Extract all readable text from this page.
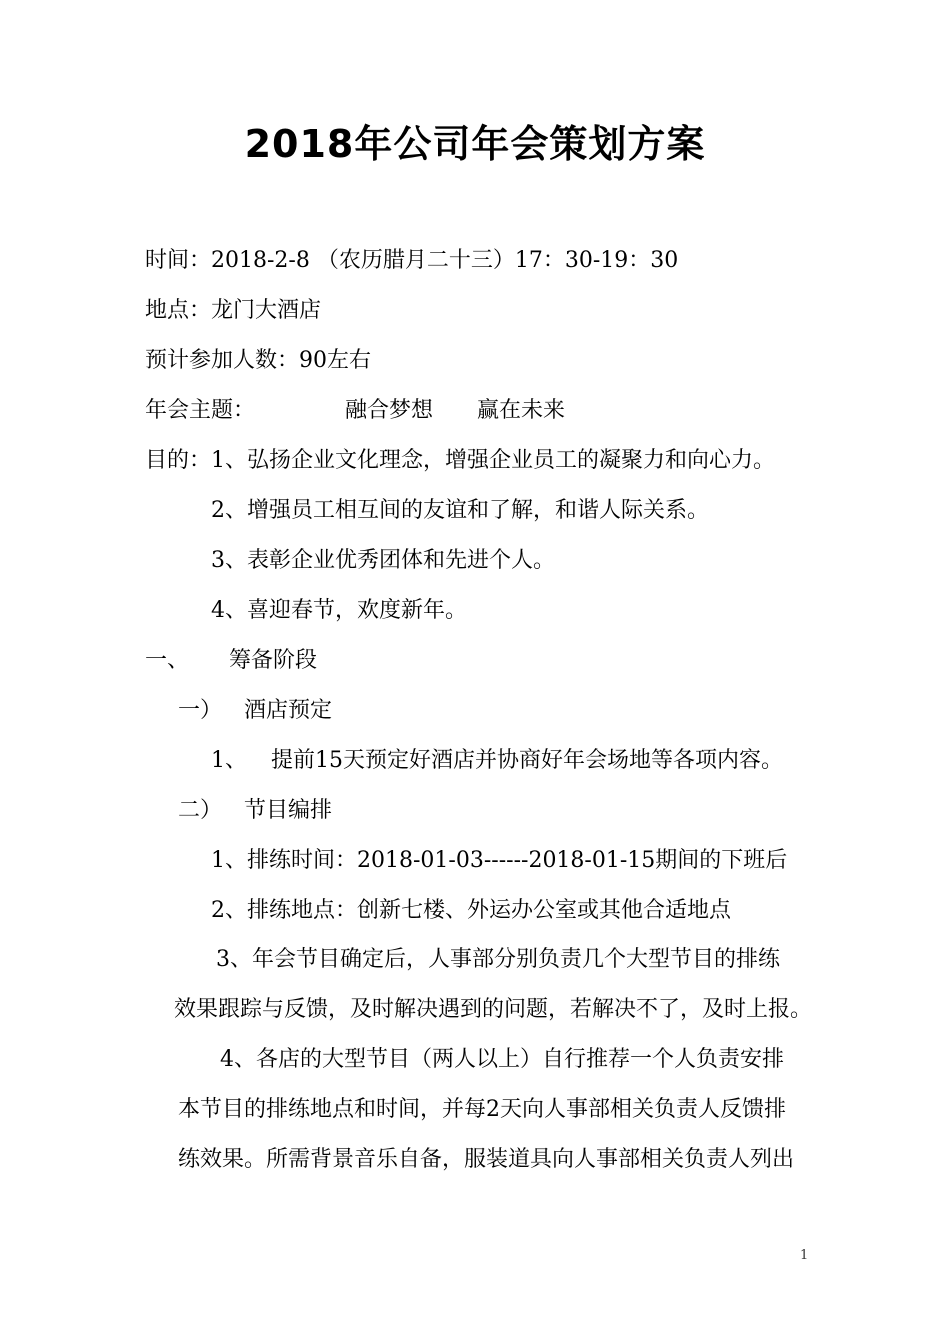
2018年公司年会策划方案
时间：2018-2-8 （农历腊月二十三）17：30-19：30
地点：龙门大酒店
预计参加人数：90左右
年会主题：	融合梦想 赢在未来
目的：1、弘扬企业文化理念，增强企业员工的凝聚力和向心力。
2、增强员工相互间的友谊和了解，和谐人际关系。
3、表彰企业优秀团体和先进个人。
4、喜迎春节，欢度新年。
一、 筹备阶段
一） 酒店预定
1、 提前15天预定好酒店并协商好年会场地等各项内容。
二） 节目编排
1、排练时间：2018-01-03------2018-01-15期间的下班后
2、排练地点：创新七楼、外运办公室或其他合适地点
3、年会节目确定后，人事部分别负责几个大型节目的排练
效果跟踪与反馈，及时解决遇到的问题，若解决不了，及时上报。
4、各店的大型节目（两人以上）自行推荐一个人负责安排
本节目的排练地点和时间，并每2天向人事部相关负责人反馈排
练效果。所需背景音乐自备，服装道具向人事部相关负责人列出
1
